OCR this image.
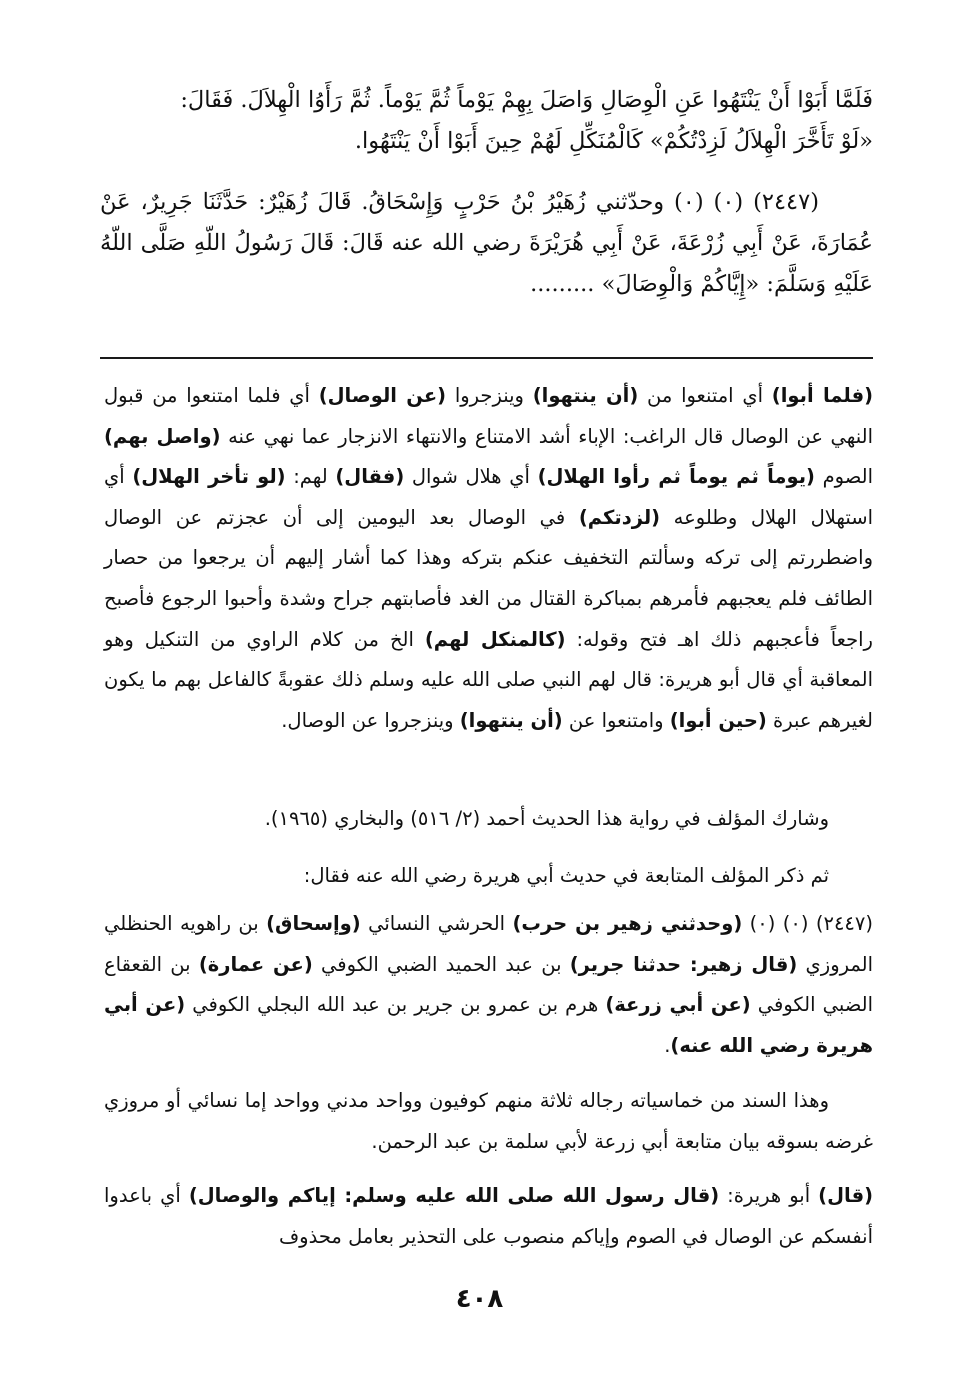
فَلَمَّا أَبَوْا أَنْ يَنْتَهُوا عَنِ الْوِصَالِ وَاصَلَ بِهِمْ يَوْماً ثُمَّ يَوْماً. ثُمَّ رَأَوُا الْهِلاَلَ. فَقَالَ:

«لَوْ تَأَخَّرَ الْهِلاَلُ لَزِدْتُكُمْ» كَالْمُنَكِّلِ لَهُمْ حِينَ أَبَوْا أَنْ يَنْتَهُوا.

(٢٤٤٧) (٠) (٠) وحدّثني زُهَيْرُ بْنُ حَرْبٍ وَإِسْحَاقُ. قَالَ زُهَيْرٌ: حَدَّثَنَا جَرِيرٌ، عَنْ عُمَارَةَ، عَنْ أَبِي زُرْعَةَ، عَنْ أَبِي هُرَيْرَةَ رضي الله عنه قَالَ: قَالَ رَسُولُ اللّهِ صَلَّى اللّهُ عَلَيْهِ وَسَلَّمَ: «إِيَّاكُمْ وَالْوِصَالَ» .........

(فلما أبوا) أي امتنعوا من (أن ينتهوا) وينزجروا (عن الوصال) أي فلما امتنعوا من قبول النهي عن الوصال قال الراغب: الإباء أشد الامتناع والانتهاء الانزجار عما نهي عنه (واصل بهم) الصوم (يوماً ثم يوماً ثم رأوا الهلال) أي هلال شوال (فقال) لهم: (لو تأخر الهلال) أي استهلال الهلال وطلوعه (لزدتكم) في الوصال بعد اليومين إلى أن عجزتم عن الوصال واضطررتم إلى تركه وسألتم التخفيف عنكم بتركه وهذا كما أشار إليهم أن يرجعوا من حصار الطائف فلم يعجبهم فأمرهم بمباكرة القتال من الغد فأصابتهم جراح وشدة وأحبوا الرجوع فأصبح راجعاً فأعجبهم ذلك اهـ فتح وقوله: (كالمنكل لهم) الخ من كلام الراوي من التنكيل وهو المعاقبة أي قال أبو هريرة: قال لهم النبي صلى الله عليه وسلم ذلك عقوبةً كالفاعل بهم ما يكون لغيرهم عبرة (حين أبوا) وامتنعوا عن (أن ينتهوا) وينزجروا عن الوصال.

وشارك المؤلف في رواية هذا الحديث أحمد (٢/ ٥١٦) والبخاري (١٩٦٥).

ثم ذكر المؤلف المتابعة في حديث أبي هريرة رضي الله عنه فقال:

(٢٤٤٧) (٠) (٠) (وحدثني زهير بن حرب) الحرشي النسائي (وإسحاق) بن راهويه الحنظلي المروزي (قال زهير: حدثنا جرير) بن عبد الحميد الضبي الكوفي (عن عمارة) بن القعقاع الضبي الكوفي (عن أبي زرعة) هرم بن عمرو بن جرير بن عبد الله البجلي الكوفي (عن أبي هريرة رضي الله عنه).

وهذا السند من خماسياته رجاله ثلاثة منهم كوفيون وواحد مدني وواحد إما نسائي أو مروزي غرضه بسوقه بيان متابعة أبي زرعة لأبي سلمة بن عبد الرحمن.

(قال) أبو هريرة: (قال رسول الله صلى الله عليه وسلم: إياكم والوصال) أي باعدوا أنفسكم عن الوصال في الصوم وإياكم منصوب على التحذير بعامل محذوف

٤٠٨
